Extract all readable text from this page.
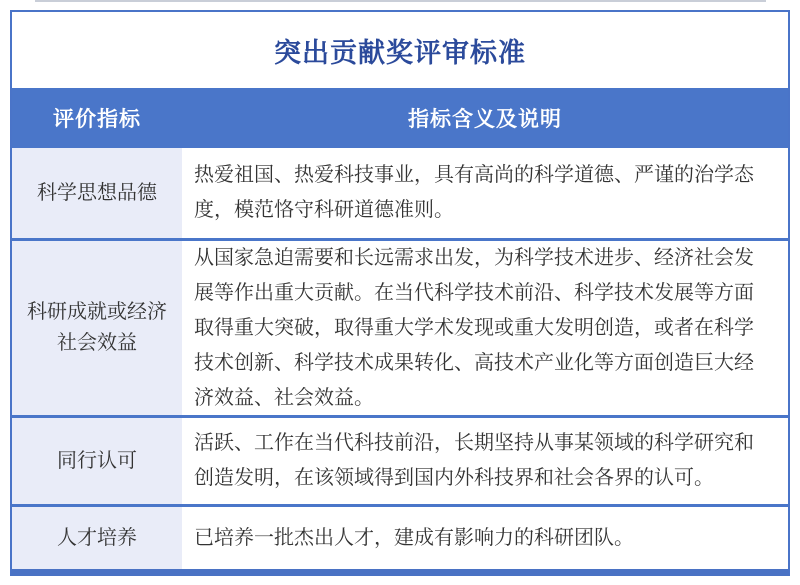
突出贡献奖评审标准
评价指标	指标含义及说明
科学思想品德
热爱祖国、热爱科技事业，具有高尚的科学道德、严谨的治学态度，模范恪守科研道德准则。
科研成就或经济社会效益
从国家急迫需要和长远需求出发，为科学技术进步、经济社会发展等作出重大贡献。在当代科学技术前沿、科学技术发展等方面取得重大突破，取得重大学术发现或重大发明创造，或者在科学技术创新、科学技术成果转化、高技术产业化等方面创造巨大经济效益、社会效益。
同行认可
活跃、工作在当代科技前沿，长期坚持从事某领域的科学研究和创造发明，在该领域得到国内外科技界和社会各界的认可。
人才培养	已培养一批杰出人才，建成有影响力的科研团队。
